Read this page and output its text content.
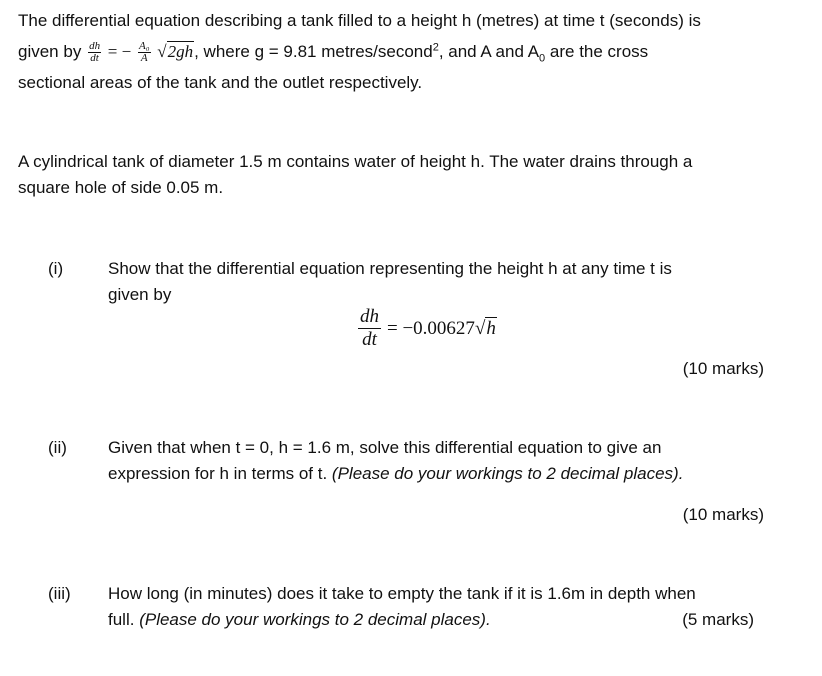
The differential equation describing a tank filled to a height h (metres) at time t (seconds) is
given by $\frac{dh}{dt}$ = − $\frac{\text{A₀}}{A} √2gh$, where g = 9.81 metres/second$^2$, and A and $A_0$ are the cross
sectional areas of the tank and the outlet respectively.
A cylindrical tank of diameter 1.5 m contains water of height h. The water drains through a
square hole of side 0.05 m.
(i)	Show that the differential equation representing the height h at any time t is
given by
$\frac{dh}{dt} = -0.00627√h$
(10 marks)
(ii) Given that when t = 0, h = 1.6 m, solve this differential equation to give an
expression for h in terms of t. (Please do your workings to 2 decimal places).
(10 marks)
(iii) How long (in minutes) does it take to empty the tank if it is 1.6m in depth when
full. (Please do your workings to 2 decimal places).	(5 marks)
